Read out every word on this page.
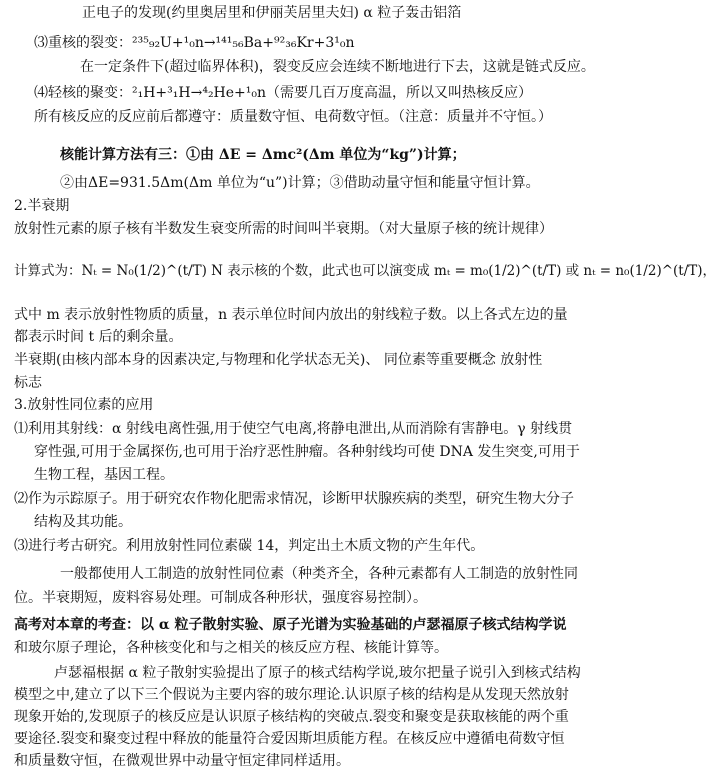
正电子的发现(约里奥居里和伊丽芙居里夫妇) α 粒子轰击铝箔
⑶重核的裂变：²³⁵₉₂U+¹₀n→¹⁴¹₅₆Ba+⁹²₃₆Kr+3¹₀n
在一定条件下(超过临界体积)，裂变反应会连续不断地进行下去，这就是链式反应。
⑷轻核的聚变：²₁H+³₁H→⁴₂He+¹₀n（需要几百万度高温，所以又叫热核反应）
所有核反应的反应前后都遵守：质量数守恒、电荷数守恒。（注意：质量并不守恒。）
核能计算方法有三：①由 ΔE = Δmc²(Δm 单位为“kg”)计算；
②由ΔE=931.5Δm(Δm 单位为“u”)计算；③借助动量守恒和能量守恒计算。
2.半衰期
放射性元素的原子核有半数发生衰变所需的时间叫半衰期。（对大量原子核的统计规律）
计算式为：Nₜ = N₀(1/2)^(t/T) N 表示核的个数，此式也可以演变成 mₜ = m₀(1/2)^(t/T) 或 nₜ = n₀(1/2)^(t/T)，
式中 m 表示放射性物质的质量，n 表示单位时间内放出的射线粒子数。以上各式左边的量
都表示时间 t 后的剩余量。
半衰期(由核内部本身的因素决定,与物理和化学状态无关)、 同位素等重要概念 放射性
标志
3.放射性同位素的应用
⑴利用其射线：α 射线电离性强,用于使空气电离,将静电泄出,从而消除有害静电。γ 射线贯
穿性强,可用于金属探伤,也可用于治疗恶性肿瘤。各种射线均可使 DNA 发生突变,可用于
生物工程，基因工程。
⑵作为示踪原子。用于研究农作物化肥需求情况，诊断甲状腺疾病的类型，研究生物大分子
结构及其功能。
⑶进行考古研究。利用放射性同位素碳 14，判定出土木质文物的产生年代。
一般都使用人工制造的放射性同位素（种类齐全，各种元素都有人工制造的放射性同
位。半衰期短，废料容易处理。可制成各种形状，强度容易控制）。
高考对本章的考查：以 α 粒子散射实验、原子光谱为实验基础的卢瑟福原子核式结构学说
和玻尔原子理论，各种核变化和与之相关的核反应方程、核能计算等。
卢瑟福根据 α 粒子散射实验提出了原子的核式结构学说,玻尔把量子说引入到核式结构
模型之中,建立了以下三个假说为主要内容的玻尔理论.认识原子核的结构是从发现天然放射
现象开始的,发现原子的核反应是认识原子核结构的突破点.裂变和聚变是获取核能的两个重
要途径.裂变和聚变过程中释放的能量符合爱因斯坦质能方程。在核反应中遵循电荷数守恒
和质量数守恒，在微观世界中动量守恒定律同样适用。
